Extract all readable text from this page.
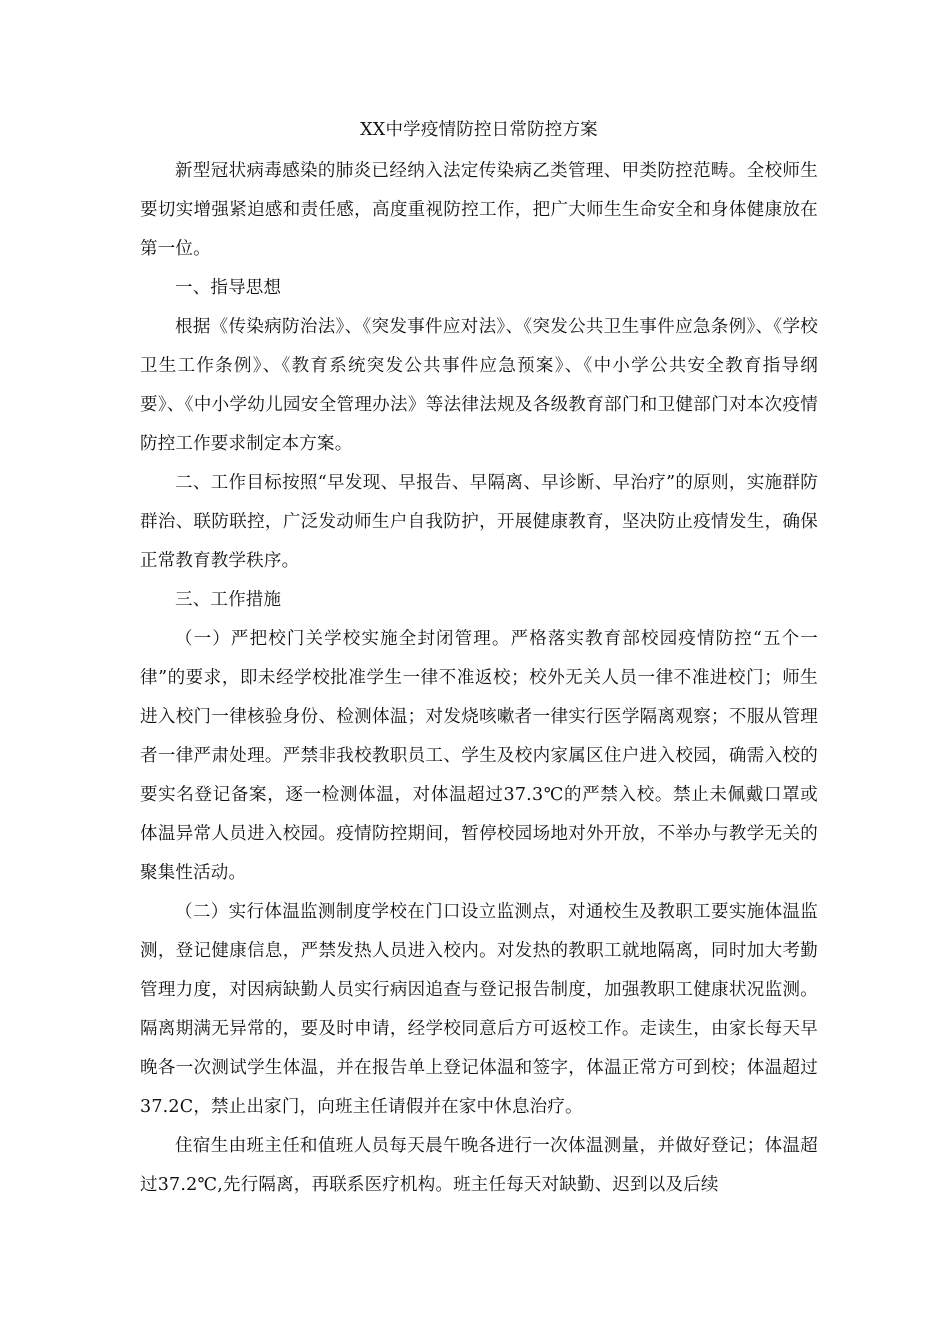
XX中学疫情防控日常防控方案

新型冠状病毒感染的肺炎已经纳入法定传染病乙类管理、甲类防控范畴。全校师生要切实增强紧迫感和责任感，高度重视防控工作，把广大师生生命安全和身体健康放在第一位。

一、指导思想

根据《传染病防治法》、《突发事件应对法》、《突发公共卫生事件应急条例》、《学校卫生工作条例》、《教育系统突发公共事件应急预案》、《中小学公共安全教育指导纲要》、《中小学幼儿园安全管理办法》等法律法规及各级教育部门和卫健部门对本次疫情防控工作要求制定本方案。

二、工作目标按照“早发现、早报告、早隔离、早诊断、早治疗”的原则，实施群防群治、联防联控，广泛发动师生户自我防护，开展健康教育，坚决防止疫情发生，确保正常教育教学秩序。

三、工作措施

（一）严把校门关学校实施全封闭管理。严格落实教育部校园疫情防控“五个一律”的要求，即未经学校批准学生一律不准返校；校外无关人员一律不准进校门；师生进入校门一律核验身份、检测体温；对发烧咳嗽者一律实行医学隔离观察；不服从管理者一律严肃处理。严禁非我校教职员工、学生及校内家属区住户进入校园，确需入校的要实名登记备案，逐一检测体温，对体温超过37.3℃的严禁入校。禁止未佩戴口罩或体温异常人员进入校园。疫情防控期间，暂停校园场地对外开放，不举办与教学无关的聚集性活动。

（二）实行体温监测制度学校在门口设立监测点，对通校生及教职工要实施体温监测，登记健康信息，严禁发热人员进入校内。对发热的教职工就地隔离，同时加大考勤管理力度，对因病缺勤人员实行病因追查与登记报告制度，加强教职工健康状况监测。隔离期满无异常的，要及时申请，经学校同意后方可返校工作。走读生，由家长每天早晚各一次测试学生体温，并在报告单上登记体温和签字，体温正常方可到校；体温超过37.2C，禁止出家门，向班主任请假并在家中休息治疗。

住宿生由班主任和值班人员每天晨午晚各进行一次体温测量，并做好登记；体温超过37.2℃,先行隔离，再联系医疗机构。班主任每天对缺勤、迟到以及后续
